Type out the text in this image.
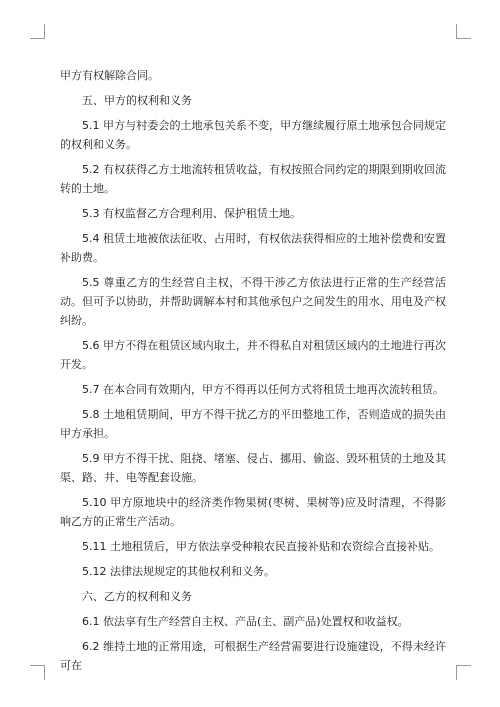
甲方有权解除合同。

五、甲方的权利和义务

5.1 甲方与村委会的土地承包关系不变，甲方继续履行原土地承包合同规定的权利和义务。

5.2 有权获得乙方土地流转租赁收益，有权按照合同约定的期限到期收回流转的土地。

5.3 有权监督乙方合理利用、保护租赁土地。

5.4 租赁土地被依法征收、占用时，有权依法获得相应的土地补偿费和安置补助费。

5.5 尊重乙方的生经营自主权，不得干涉乙方依法进行正常的生产经营活动。但可予以协助，并帮助调解本村和其他承包户之间发生的用水、用电及产权纠纷。

5.6 甲方不得在租赁区域内取土，并不得私自对租赁区域内的土地进行再次开发。

5.7 在本合同有效期内，甲方不得再以任何方式将租赁土地再次流转租赁。

5.8 土地租赁期间，甲方不得干扰乙方的平田整地工作，否则造成的损失由甲方承担。

5.9 甲方不得干扰、阻挠、堵塞、侵占、挪用、偷盗、毁坏租赁的土地及其渠、路、井、电等配套设施。

5.10 甲方原地块中的经济类作物果树(枣树、果树等)应及时清理，不得影响乙方的正常生产活动。

5.11 土地租赁后，甲方依法享受种粮农民直接补贴和农资综合直接补贴。

5.12 法律法规规定的其他权利和义务。

六、乙方的权利和义务

6.1 依法享有生产经营自主权、产品(主、副产品)处置权和收益权。

6.2 维持土地的正常用途，可根据生产经营需要进行设施建设，不得未经许可在
